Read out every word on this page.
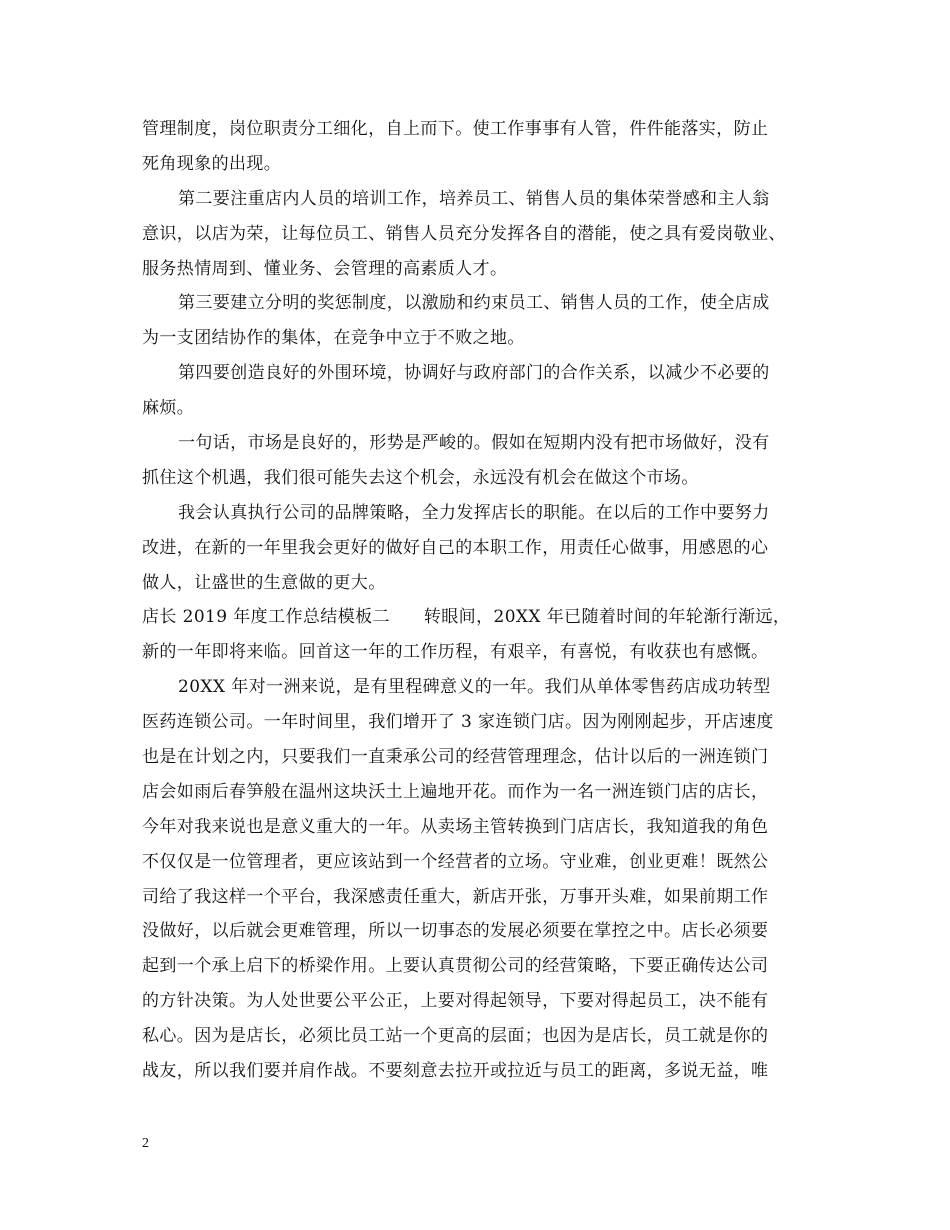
管理制度，岗位职责分工细化，自上而下。使工作事事有人管，件件能落实，防止
死角现象的出现。
第二要注重店内人员的培训工作，培养员工、销售人员的集体荣誉感和主人翁
意识，以店为荣，让每位员工、销售人员充分发挥各自的潜能，使之具有爱岗敬业、
服务热情周到、懂业务、会管理的高素质人才。
第三要建立分明的奖惩制度，以激励和约束员工、销售人员的工作，使全店成
为一支团结协作的集体，在竞争中立于不败之地。
第四要创造良好的外围环境，协调好与政府部门的合作关系，以减少不必要的
麻烦。
一句话，市场是良好的，形势是严峻的。假如在短期内没有把市场做好，没有
抓住这个机遇，我们很可能失去这个机会，永远没有机会在做这个市场。
我会认真执行公司的品牌策略，全力发挥店长的职能。在以后的工作中要努力
改进，在新的一年里我会更好的做好自己的本职工作，用责任心做事，用感恩的心
做人，让盛世的生意做的更大。
店长 2019 年度工作总结模板二 转眼间，20XX 年已随着时间的年轮渐行渐远，
新的一年即将来临。回首这一年的工作历程，有艰辛，有喜悦，有收获也有感慨。
20XX 年对一洲来说，是有里程碑意义的一年。我们从单体零售药店成功转型
医药连锁公司。一年时间里，我们增开了 3 家连锁门店。因为刚刚起步，开店速度
也是在计划之内，只要我们一直秉承公司的经营管理理念，估计以后的一洲连锁门
店会如雨后春笋般在温州这块沃土上遍地开花。而作为一名一洲连锁门店的店长，
今年对我来说也是意义重大的一年。从卖场主管转换到门店店长，我知道我的角色
不仅仅是一位管理者，更应该站到一个经营者的立场。守业难，创业更难！既然公
司给了我这样一个平台，我深感责任重大，新店开张，万事开头难，如果前期工作
没做好，以后就会更难管理，所以一切事态的发展必须要在掌控之中。店长必须要
起到一个承上启下的桥梁作用。上要认真贯彻公司的经营策略，下要正确传达公司
的方针决策。为人处世要公平公正，上要对得起领导，下要对得起员工，决不能有
私心。因为是店长，必须比员工站一个更高的层面；也因为是店长，员工就是你的
战友，所以我们要并肩作战。不要刻意去拉开或拉近与员工的距离，多说无益，唯
2
